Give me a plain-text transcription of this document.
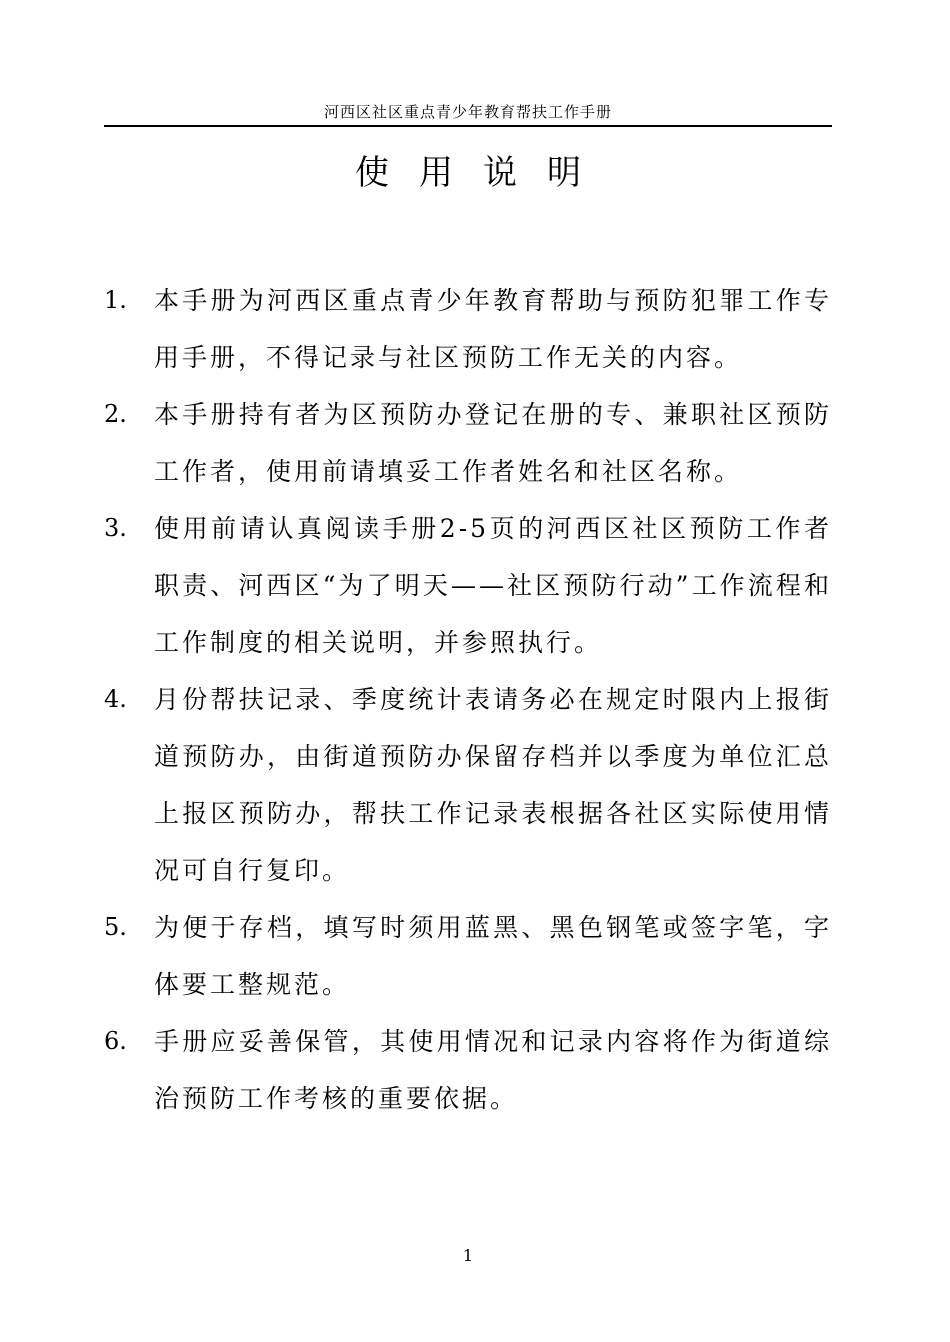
河西区社区重点青少年教育帮扶工作手册
使用说明
1. 本手册为河西区重点青少年教育帮助与预防犯罪工作专用手册，不得记录与社区预防工作无关的内容。
2. 本手册持有者为区预防办登记在册的专、兼职社区预防工作者，使用前请填妥工作者姓名和社区名称。
3. 使用前请认真阅读手册2-5页的河西区社区预防工作者职责、河西区“为了明天——社区预防行动”工作流程和工作制度的相关说明，并参照执行。
4. 月份帮扶记录、季度统计表请务必在规定时限内上报街道预防办，由街道预防办保留存档并以季度为单位汇总上报区预防办，帮扶工作记录表根据各社区实际使用情况可自行复印。
5. 为便于存档，填写时须用蓝黑、黑色钢笔或签字笔，字体要工整规范。
6. 手册应妥善保管，其使用情况和记录内容将作为街道综治预防工作考核的重要依据。
1
